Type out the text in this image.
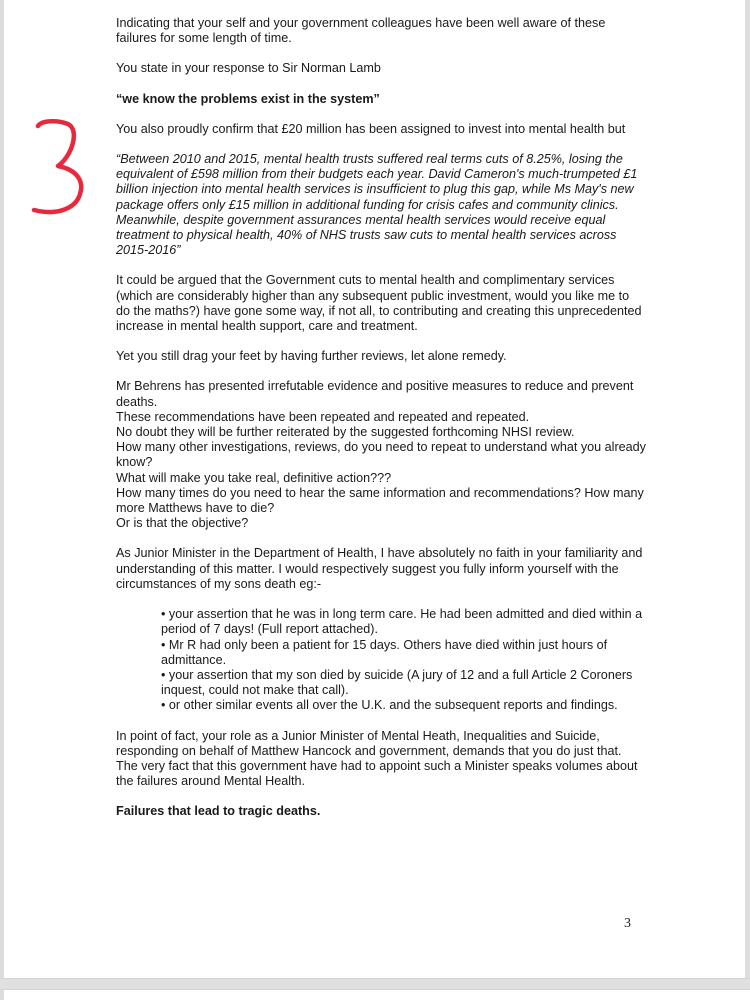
Indicating that your self and your government colleagues have been well aware of these failures for some length of time.

You state in your response to Sir Norman Lamb

“we know the problems exist in the system”

You also proudly confirm that £20 million has been assigned to invest into mental health but

“Between 2010 and 2015, mental health trusts suffered real terms cuts of 8.25%, losing the equivalent of £598 million from their budgets each year. David Cameron's much-trumpeted £1 billion injection into mental health services is insufficient to plug this gap, while Ms May's new package offers only £15 million in additional funding for crisis cafes and community clinics.

Meanwhile, despite government assurances mental health services would receive equal treatment to physical health, 40% of NHS trusts saw cuts to mental health services across 2015-2016”

It could be argued that the Government cuts to mental health and complimentary services (which are considerably higher than any subsequent public investment, would you like me to do the maths?) have gone some way, if not all, to contributing and creating this unprecedented increase in mental health support, care and treatment.

Yet you still drag your feet by having further reviews, let alone remedy.

Mr Behrens has presented irrefutable evidence and positive measures to reduce and prevent deaths.

These recommendations have been repeated and repeated and repeated.

No doubt they will be further reiterated by the suggested forthcoming NHSI review.

How many other investigations, reviews, do you need to repeat to understand what you already know?

What will make you take real, definitive action???

How many times do you need to hear the same information and recommendations? How many more Matthews have to die?

Or is that the objective?

As Junior Minister in the Department of Health, I have absolutely no faith in your familiarity and understanding of this matter. I would respectively suggest you fully inform yourself with the circumstances of my sons death eg:-

• your assertion that he was in long term care. He had been admitted and died within a period of 7 days! (Full report attached).

• Mr R had only been a patient for 15 days. Others have died within just hours of admittance.

• your assertion that my son died by suicide (A jury of 12 and a full Article 2 Coroners inquest, could not make that call).

• or other similar events all over the U.K. and the subsequent reports and findings.

In point of fact, your role as a Junior Minister of Mental Heath, Inequalities and Suicide, responding on behalf of Matthew Hancock and government, demands that you do just that.

The very fact that this government have had to appoint such a Minister speaks volumes about the failures around Mental Health.

Failures that lead to tragic deaths.

3
